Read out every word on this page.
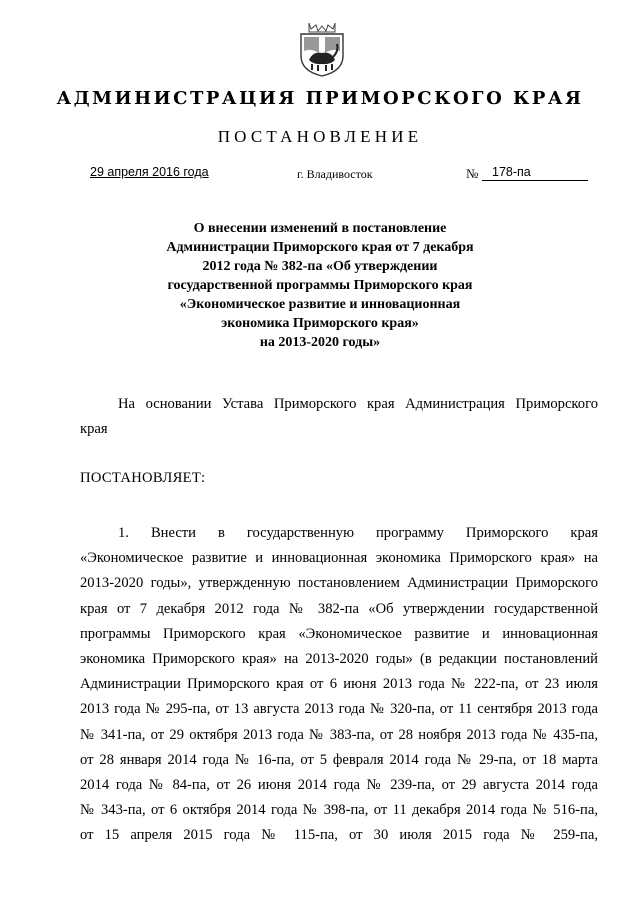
АДМИНИСТРАЦИЯ ПРИМОРСКОГО КРАЯ
ПОСТАНОВЛЕНИЕ
29 апреля 2016 года	г. Владивосток	№ 178-па

О внесении изменений в постановление
Администрации Приморского края от 7 декабря
2012 года № 382-па «Об утверждении
государственной программы Приморского края
«Экономическое развитие и инновационная
экономика Приморского края»
на 2013-2020 годы»

На основании Устава Приморского края Администрация Приморского
края

ПОСТАНОВЛЯЕТ:

1. Внести в государственную программу Приморского края
«Экономическое развитие и инновационная экономика Приморского края» на
2013-2020 годы», утвержденную постановлением Администрации Приморского
края от 7 декабря 2012 года № 382-па «Об утверждении государственной
программы Приморского края «Экономическое развитие и инновационная
экономика Приморского края» на 2013-2020 годы» (в редакции постановлений
Администрации Приморского края от 6 июня 2013 года № 222-па, от 23 июля
2013 года № 295-па, от 13 августа 2013 года № 320-па, от 11 сентября 2013 года
№ 341-па, от 29 октября 2013 года № 383-па, от 28 ноября 2013 года № 435-па,
от 28 января 2014 года № 16-па, от 5 февраля 2014 года № 29-па, от 18 марта
2014 года № 84-па, от 26 июня 2014 года № 239-па, от 29 августа 2014 года
№ 343-па, от 6 октября 2014 года № 398-па, от 11 декабря 2014 года № 516-па,
от 15 апреля 2015 года № 115-па, от 30 июля 2015 года № 259-па,
